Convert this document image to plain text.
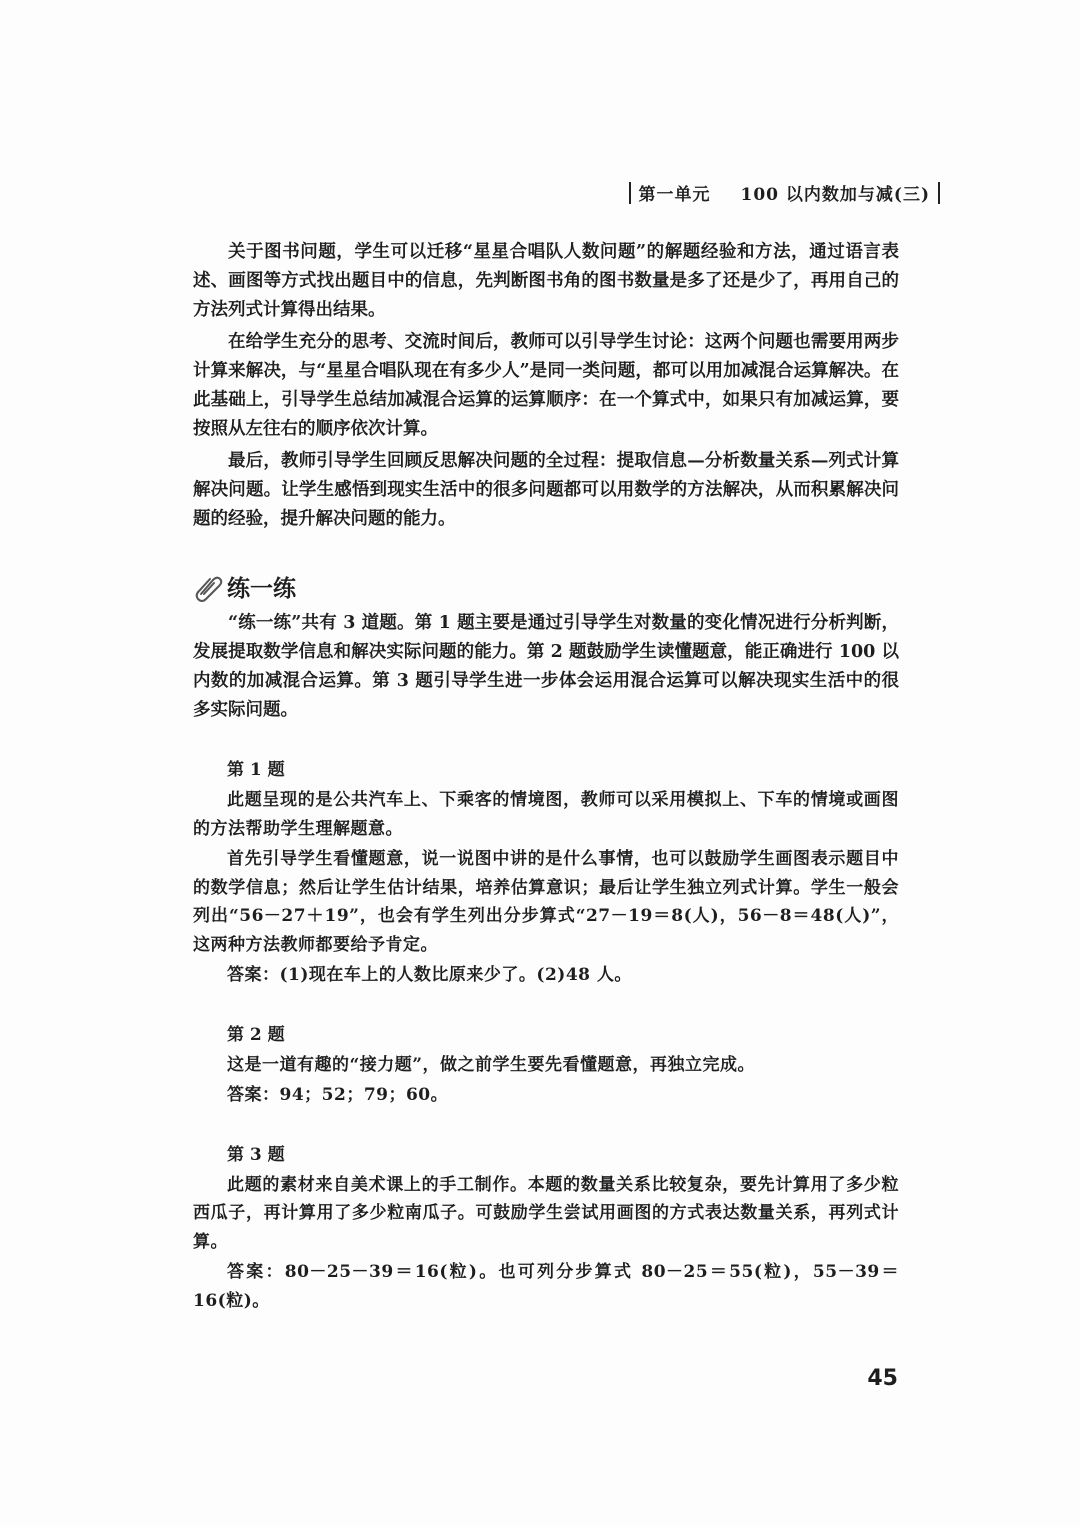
第一单元 100 以内数加与减(三)

关于图书问题，学生可以迁移“星星合唱队人数问题”的解题经验和方法，通过语言表述、画图等方式找出题目中的信息，先判断图书角的图书数量是多了还是少了，再用自己的方法列式计算得出结果。

在给学生充分的思考、交流时间后，教师可以引导学生讨论：这两个问题也需要用两步计算来解决，与“星星合唱队现在有多少人”是同一类问题，都可以用加减混合运算解决。在此基础上，引导学生总结加减混合运算的运算顺序：在一个算式中，如果只有加减运算，要按照从左往右的顺序依次计算。

最后，教师引导学生回顾反思解决问题的全过程：提取信息—分析数量关系—列式计算解决问题。让学生感悟到现实生活中的很多问题都可以用数学的方法解决，从而积累解决问题的经验，提升解决问题的能力。

练一练

“练一练”共有 3 道题。第 1 题主要是通过引导学生对数量的变化情况进行分析判断，发展提取数学信息和解决实际问题的能力。第 2 题鼓励学生读懂题意，能正确进行 100 以内数的加减混合运算。第 3 题引导学生进一步体会运用混合运算可以解决现实生活中的很多实际问题。

第 1 题

此题呈现的是公共汽车上、下乘客的情境图，教师可以采用模拟上、下车的情境或画图的方法帮助学生理解题意。

首先引导学生看懂题意，说一说图中讲的是什么事情，也可以鼓励学生画图表示题目中的数学信息；然后让学生估计结果，培养估算意识；最后让学生独立列式计算。学生一般会列出“56－27＋19”，也会有学生列出分步算式“27－19＝8(人)，56－8＝48(人)”，这两种方法教师都要给予肯定。

答案：(1)现在车上的人数比原来少了。(2)48 人。

第 2 题

这是一道有趣的“接力题”，做之前学生要先看懂题意，再独立完成。

答案：94；52；79；60。

第 3 题

此题的素材来自美术课上的手工制作。本题的数量关系比较复杂，要先计算用了多少粒西瓜子，再计算用了多少粒南瓜子。可鼓励学生尝试用画图的方式表达数量关系，再列式计算。

答案：80－25－39＝16(粒)。也可列分步算式 80－25＝55(粒)，55－39＝16(粒)。

45
